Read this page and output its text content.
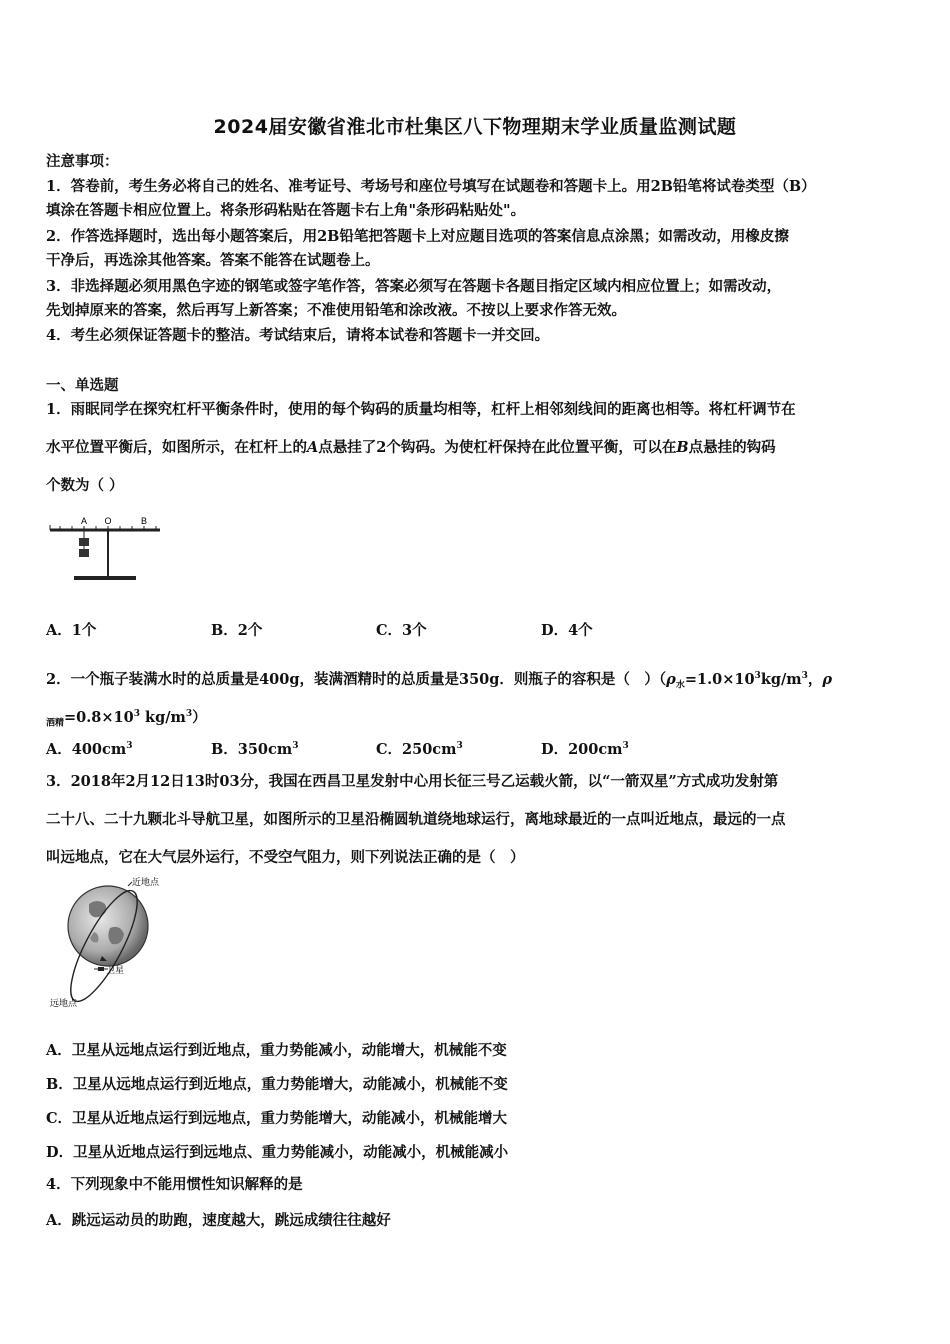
2024届安徽省淮北市杜集区八下物理期末学业质量监测试题
注意事项：
1．答卷前，考生务必将自己的姓名、准考证号、考场号和座位号填写在试题卷和答题卡上。用2B铅笔将试卷类型（B）
填涂在答题卡相应位置上。将条形码粘贴在答题卡右上角"条形码粘贴处"。
2．作答选择题时，选出每小题答案后，用2B铅笔把答题卡上对应题目选项的答案信息点涂黑；如需改动，用橡皮擦
干净后，再选涂其他答案。答案不能答在试题卷上。
3．非选择题必须用黑色字迹的钢笔或签字笔作答，答案必须写在答题卡各题目指定区域内相应位置上；如需改动，
先划掉原来的答案，然后再写上新答案；不准使用铅笔和涂改液。不按以上要求作答无效。
4．考生必须保证答题卡的整洁。考试结束后，请将本试卷和答题卡一并交回。
一、单选题
1．雨眠同学在探究杠杆平衡条件时，使用的每个钩码的质量均相等，杠杆上相邻刻线间的距离也相等。将杠杆调节在
水平位置平衡后，如图所示，在杠杆上的A点悬挂了2个钩码。为使杠杆保持在此位置平衡，可以在B点悬挂的钩码
个数为（ ）
A O	B
A．1个	B．2个	C．3个	D．4个
2．一个瓶子装满水时的总质量是400g，装满酒精时的总质量是350g．则瓶子的容积是（　）（$\rho_水=1.0\times 10^3kg/m^3$，ρ
$_{酒精}=0.8\times 10^3$ $kg/m^3$）
A．$400cm^3$	B．$350cm^3$	C．$250cm^3$	D．$200cm^3$
3．2018年2月12日13时03分，我国在西昌卫星发射中心用长征三号乙运载火箭，以“一箭双星”方式成功发射第
二十八、二十九颗北斗导航卫星，如图所示的卫星沿椭圆轨道绕地球运行，离地球最近的一点叫近地点，最远的一点
叫远地点，它在大气层外运行，不受空气阻力，则下列说法正确的是（　）
近地点
卫星
远地点
A．卫星从远地点运行到近地点，重力势能减小，动能增大，机械能不变
B．卫星从远地点运行到近地点，重力势能增大，动能减小，机械能不变
C．卫星从近地点运行到远地点，重力势能增大，动能减小，机械能增大
D．卫星从近地点运行到远地点、重力势能减小，动能减小，机械能减小
4．下列现象中不能用惯性知识解释的是
A．跳远运动员的助跑，速度越大，跳远成绩往往越好
